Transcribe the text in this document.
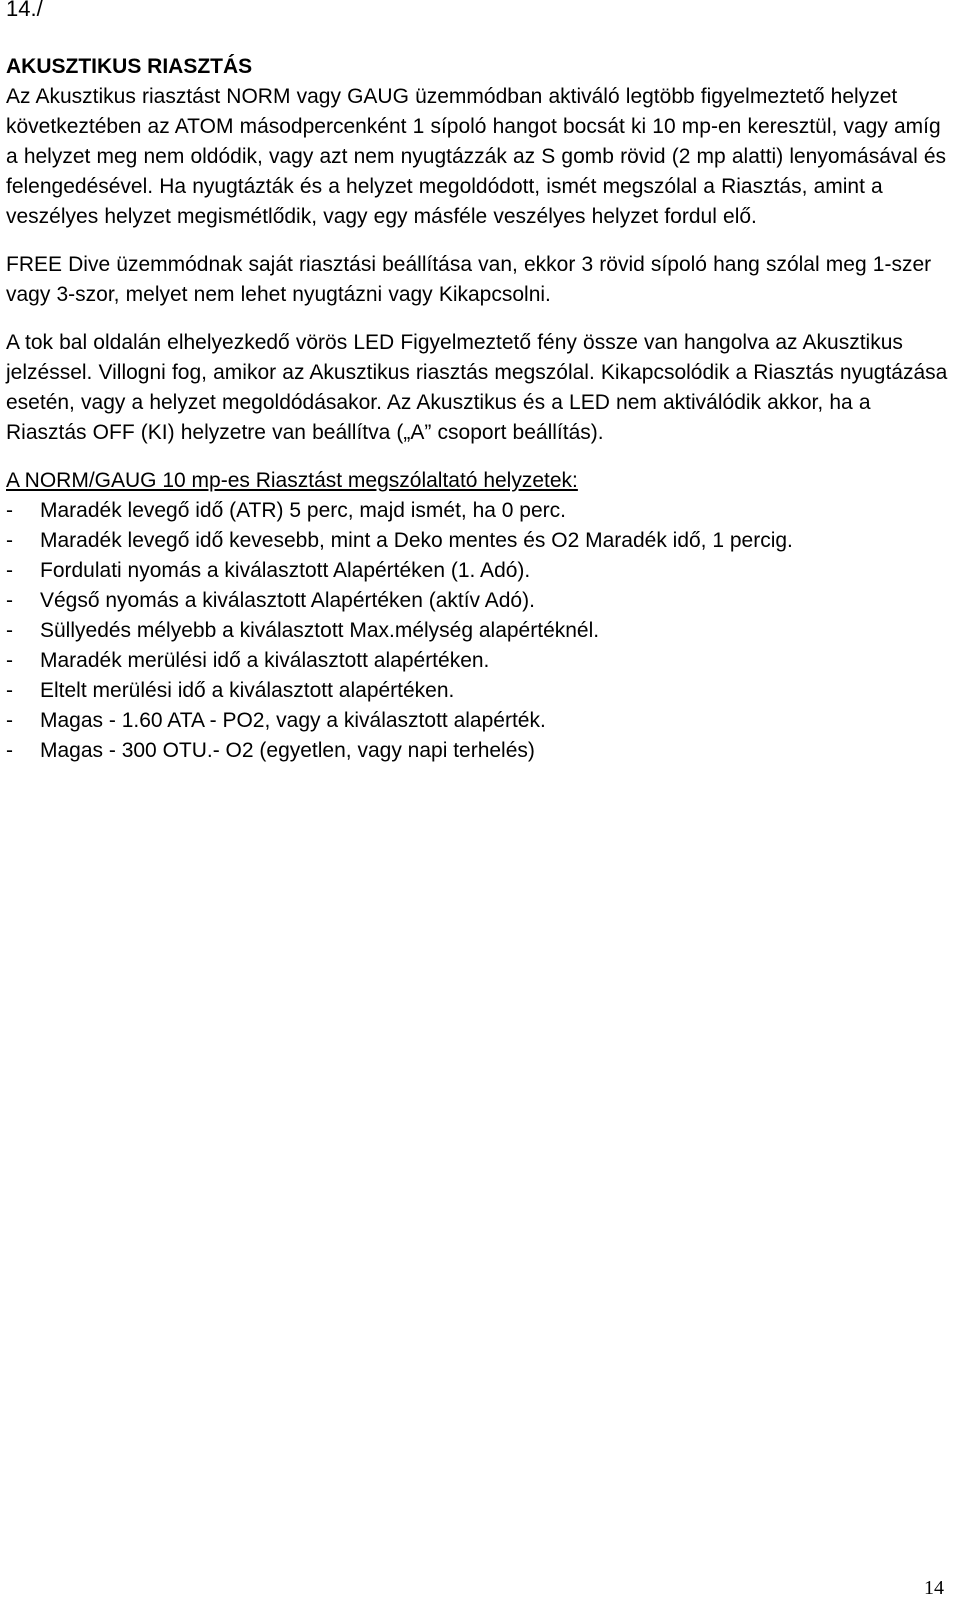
14./
AKUSZTIKUS RIASZTÁS

Az Akusztikus riasztást NORM vagy GAUG üzemmódban aktiváló legtöbb figyelmeztető helyzet következtében az ATOM másodpercenként 1 sípoló hangot bocsát ki 10 mp-en keresztül, vagy amíg a helyzet meg nem oldódik, vagy azt nem nyugtázzák az S gomb rövid (2 mp alatti) lenyomásával és felengedésével. Ha nyugtázták és a helyzet megoldódott, ismét megszólal a Riasztás, amint a veszélyes helyzet megismétlődik, vagy egy másféle veszélyes helyzet fordul elő.

FREE Dive üzemmódnak saját riasztási beállítása van, ekkor 3 rövid sípoló hang szólal meg 1-szer vagy 3-szor, melyet nem lehet nyugtázni vagy Kikapcsolni.

A tok bal oldalán elhelyezkedő vörös LED Figyelmeztető fény össze van hangolva az Akusztikus jelzéssel. Villogni fog, amikor az Akusztikus riasztás megszólal. Kikapcsolódik a Riasztás nyugtázása esetén, vagy a helyzet megoldódásakor. Az Akusztikus és a LED nem aktiválódik akkor, ha a Riasztás OFF (KI) helyzetre van beállítva („A” csoport beállítás).

A NORM/GAUG 10 mp-es Riasztást megszólaltató helyzetek:

-	Maradék levegő idő (ATR) 5 perc, majd ismét, ha 0 perc.
-	Maradék levegő idő kevesebb, mint a Deko mentes és O2 Maradék idő, 1 percig.
-	Fordulati nyomás a kiválasztott Alapértéken (1. Adó).
-	Végső nyomás a kiválasztott Alapértéken (aktív Adó).
-	Süllyedés mélyebb a kiválasztott Max.mélység alapértéknél.
-	Maradék merülési idő a kiválasztott alapértéken.
-	Eltelt merülési idő a kiválasztott alapértéken.
-	Magas - 1.60 ATA - PO2, vagy a kiválasztott alapérték.
-	Magas - 300 OTU.- O2 (egyetlen, vagy napi terhelés)
14
